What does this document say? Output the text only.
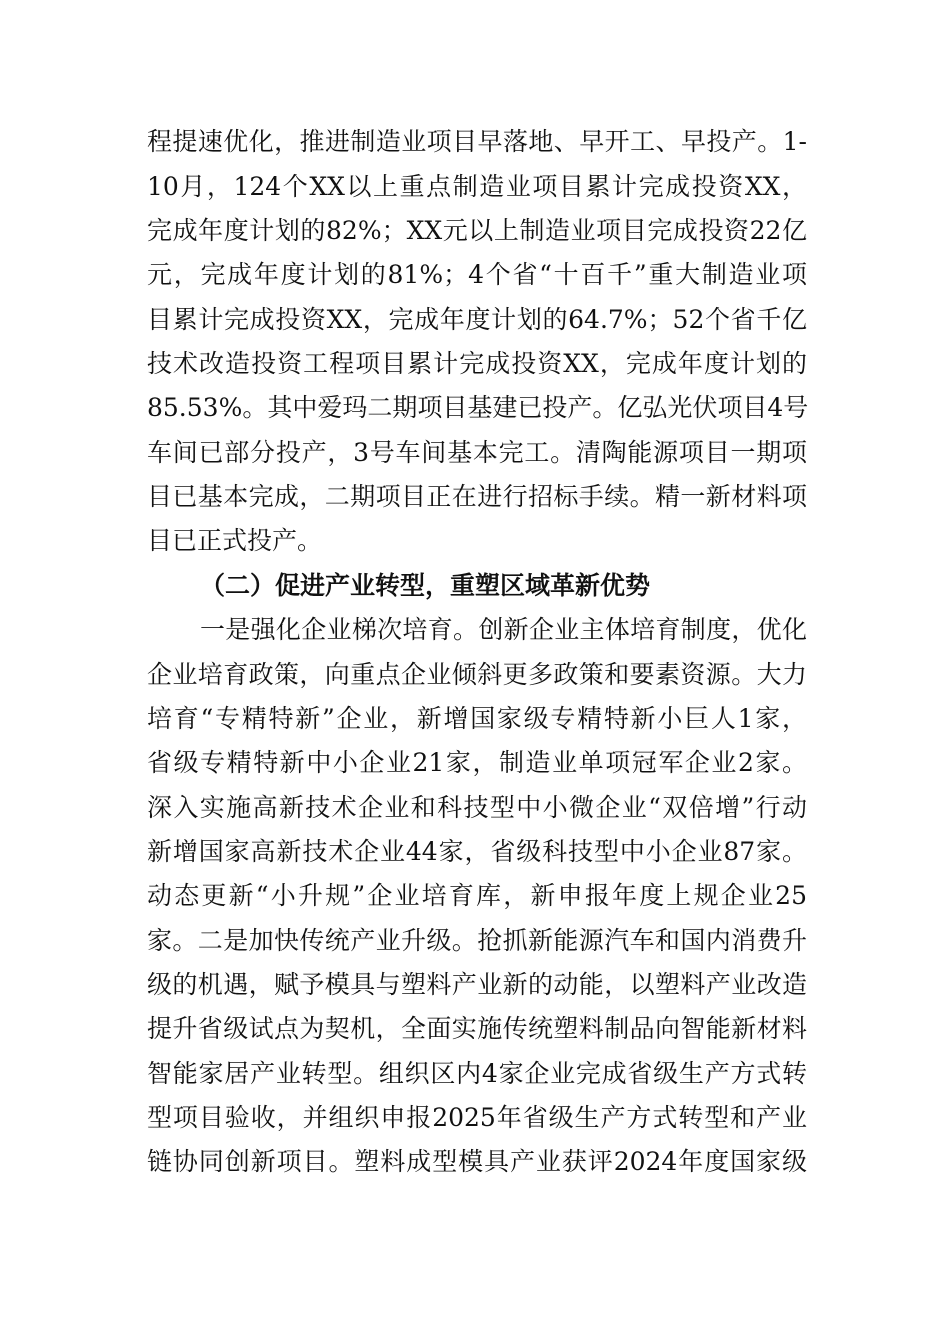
程提速优化，推进制造业项目早落地、早开工、早投产。1-
10月，124个XX以上重点制造业项目累计完成投资XX，
完成年度计划的82%；XX元以上制造业项目完成投资22亿
元，完成年度计划的81%；4个省“十百千”重大制造业项
目累计完成投资XX，完成年度计划的64.7%；52个省千亿
技术改造投资工程项目累计完成投资XX，完成年度计划的
85.53%。其中爱玛二期项目基建已投产。亿弘光伏项目4号
车间已部分投产，3号车间基本完工。清陶能源项目一期项
目已基本完成，二期项目正在进行招标手续。精一新材料项
目已正式投产。
（二）促进产业转型，重塑区域革新优势
一是强化企业梯次培育。创新企业主体培育制度，优化
企业培育政策，向重点企业倾斜更多政策和要素资源。大力
培育“专精特新”企业，新增国家级专精特新小巨人1家，
省级专精特新中小企业21家，制造业单项冠军企业2家。
深入实施高新技术企业和科技型中小微企业“双倍增”行动
新增国家高新技术企业44家，省级科技型中小企业87家。
动态更新“小升规”企业培育库，新申报年度上规企业25
家。二是加快传统产业升级。抢抓新能源汽车和国内消费升
级的机遇，赋予模具与塑料产业新的动能，以塑料产业改造
提升省级试点为契机，全面实施传统塑料制品向智能新材料
智能家居产业转型。组织区内4家企业完成省级生产方式转
型项目验收，并组织申报2025年省级生产方式转型和产业
链协同创新项目。塑料成型模具产业获评2024年度国家级
